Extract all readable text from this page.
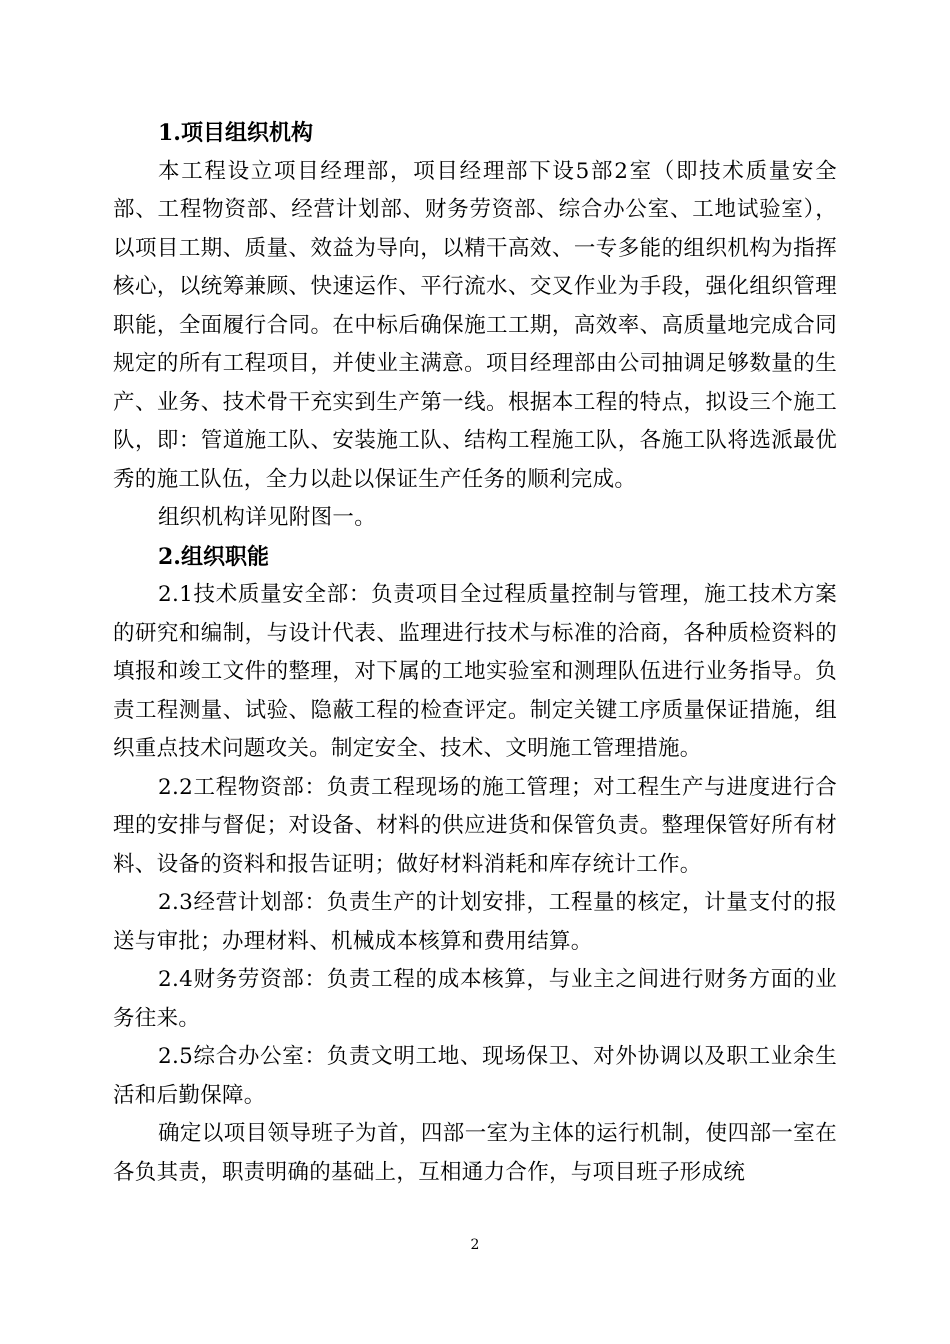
1.项目组织机构

本工程设立项目经理部，项目经理部下设5部2室（即技术质量安全部、工程物资部、经营计划部、财务劳资部、综合办公室、工地试验室），以项目工期、质量、效益为导向，以精干高效、一专多能的组织机构为指挥核心，以统筹兼顾、快速运作、平行流水、交叉作业为手段，强化组织管理职能，全面履行合同。在中标后确保施工工期，高效率、高质量地完成合同规定的所有工程项目，并使业主满意。项目经理部由公司抽调足够数量的生产、业务、技术骨干充实到生产第一线。根据本工程的特点，拟设三个施工队，即：管道施工队、安装施工队、结构工程施工队，各施工队将选派最优秀的施工队伍，全力以赴以保证生产任务的顺利完成。

组织机构详见附图一。

2.组织职能

2.1技术质量安全部：负责项目全过程质量控制与管理，施工技术方案的研究和编制，与设计代表、监理进行技术与标准的洽商，各种质检资料的填报和竣工文件的整理，对下属的工地实验室和测理队伍进行业务指导。负责工程测量、试验、隐蔽工程的检查评定。制定关键工序质量保证措施，组织重点技术问题攻关。制定安全、技术、文明施工管理措施。

2.2工程物资部：负责工程现场的施工管理；对工程生产与进度进行合理的安排与督促；对设备、材料的供应进货和保管负责。整理保管好所有材料、设备的资料和报告证明；做好材料消耗和库存统计工作。

2.3经营计划部：负责生产的计划安排，工程量的核定，计量支付的报送与审批；办理材料、机械成本核算和费用结算。

2.4财务劳资部：负责工程的成本核算，与业主之间进行财务方面的业务往来。

2.5综合办公室：负责文明工地、现场保卫、对外协调以及职工业余生活和后勤保障。

确定以项目领导班子为首，四部一室为主体的运行机制，使四部一室在各负其责，职责明确的基础上，互相通力合作，与项目班子形成统

2
